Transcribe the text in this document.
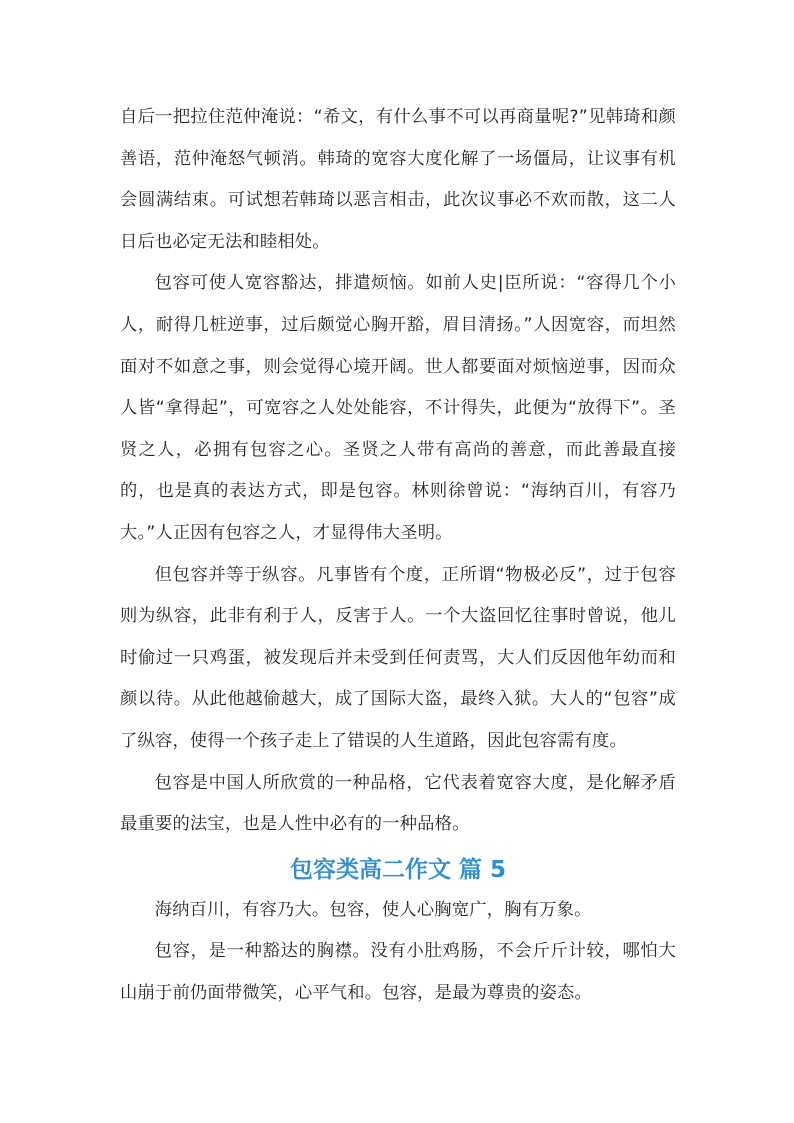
自后一把拉住范仲淹说：“希文，有什么事不可以再商量呢?”见韩琦和颜善语，范仲淹怒气顿消。韩琦的宽容大度化解了一场僵局，让议事有机会圆满结束。可试想若韩琦以恶言相击，此次议事必不欢而散，这二人日后也必定无法和睦相处。

包容可使人宽容豁达，排遣烦恼。如前人史|臣所说：“容得几个小人，耐得几桩逆事，过后颇觉心胸开豁，眉目清扬。”人因宽容，而坦然面对不如意之事，则会觉得心境开阔。世人都要面对烦恼逆事，因而众人皆“拿得起”，可宽容之人处处能容，不计得失，此便为“放得下”。圣贤之人，必拥有包容之心。圣贤之人带有高尚的善意，而此善最直接的，也是真的表达方式，即是包容。林则徐曾说：“海纳百川，有容乃大。”人正因有包容之人，才显得伟大圣明。

但包容并等于纵容。凡事皆有个度，正所谓“物极必反”，过于包容则为纵容，此非有利于人，反害于人。一个大盗回忆往事时曾说，他儿时偷过一只鸡蛋，被发现后并未受到任何责骂，大人们反因他年幼而和颜以待。从此他越偷越大，成了国际大盗，最终入狱。大人的“包容”成了纵容，使得一个孩子走上了错误的人生道路，因此包容需有度。

包容是中国人所欣赏的一种品格，它代表着宽容大度，是化解矛盾最重要的法宝，也是人性中必有的一种品格。

包容类高二作文 篇 5

海纳百川，有容乃大。包容，使人心胸宽广，胸有万象。

包容，是一种豁达的胸襟。没有小肚鸡肠，不会斤斤计较，哪怕大山崩于前仍面带微笑，心平气和。包容，是最为尊贵的姿态。
